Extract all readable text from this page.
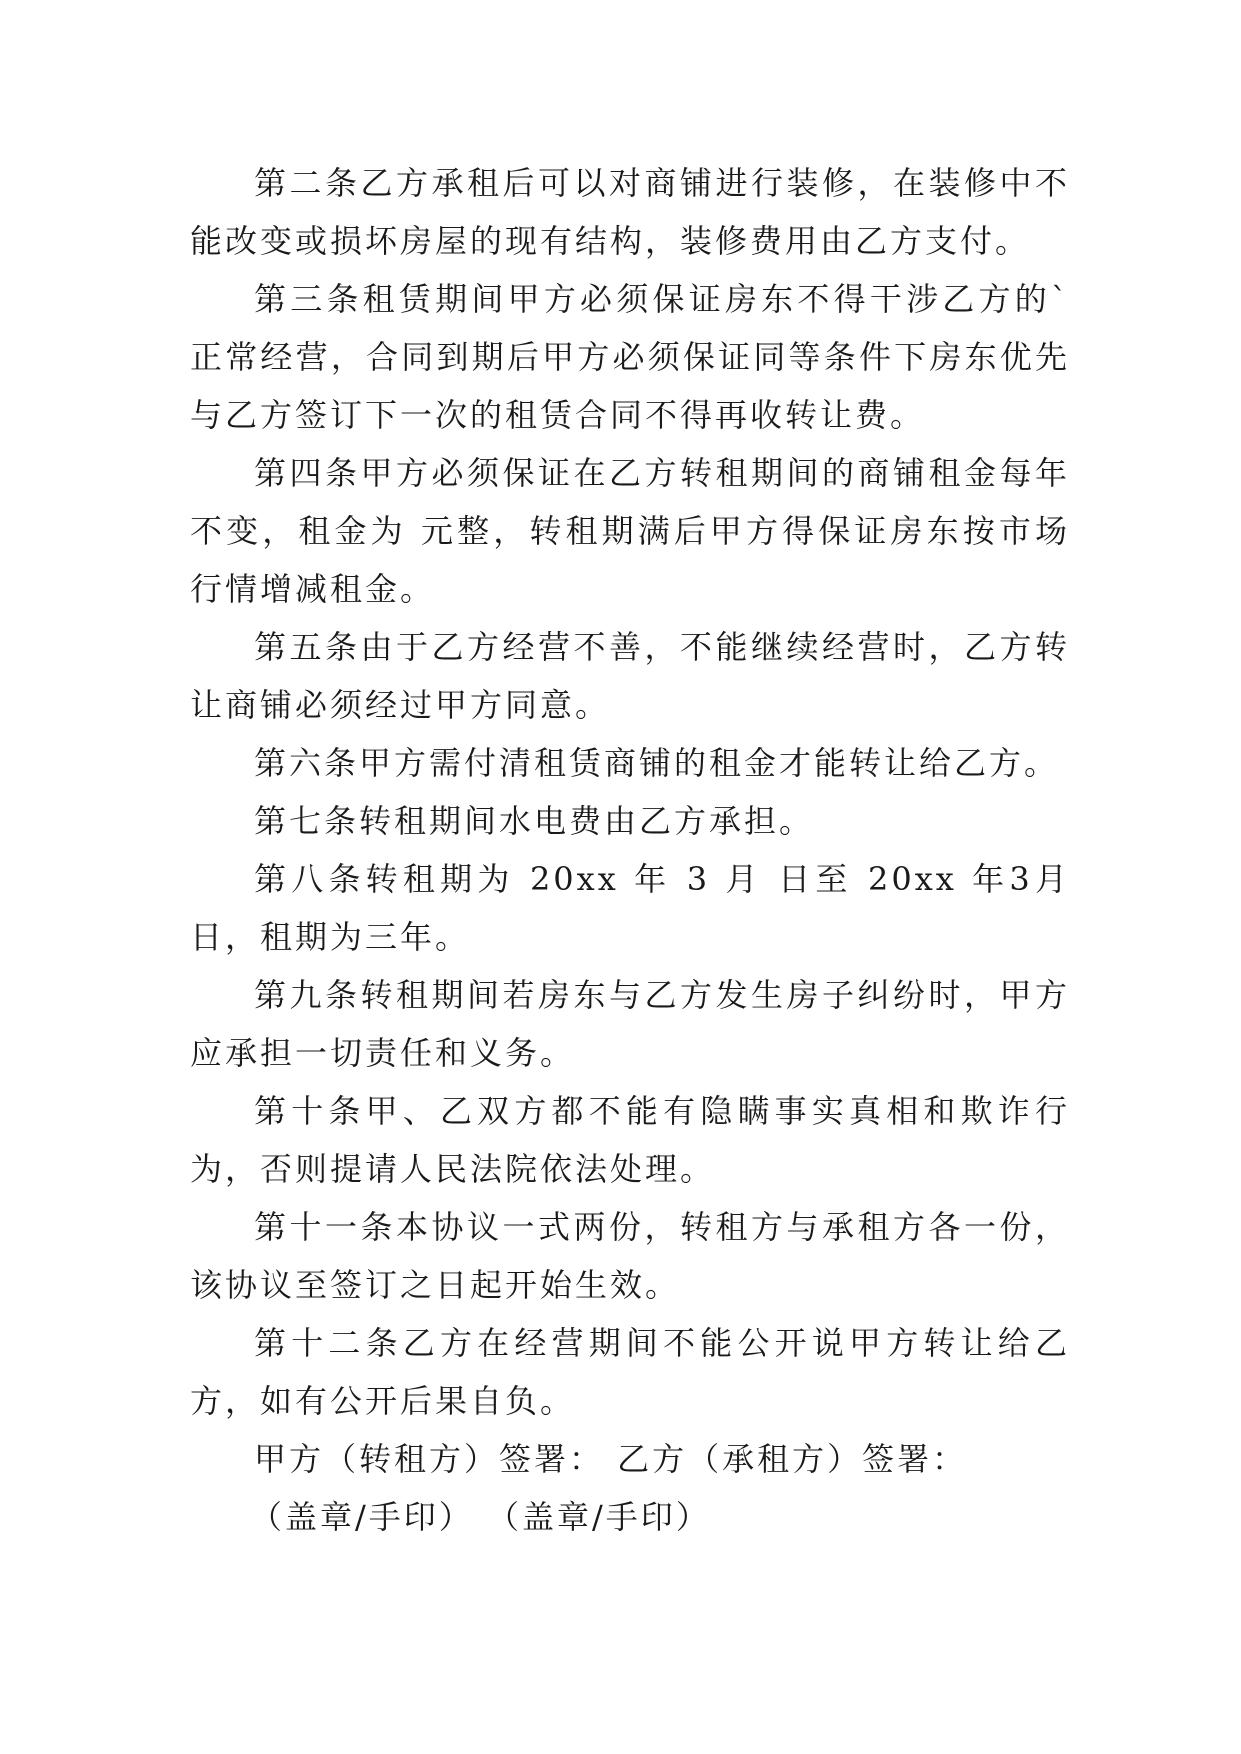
第二条乙方承租后可以对商铺进行装修，在装修中不能改变或损坏房屋的现有结构，装修费用由乙方支付。

第三条租赁期间甲方必须保证房东不得干涉乙方的`正常经营，合同到期后甲方必须保证同等条件下房东优先与乙方签订下一次的租赁合同不得再收转让费。

第四条甲方必须保证在乙方转租期间的商铺租金每年不变，租金为 元整，转租期满后甲方得保证房东按市场行情增减租金。

第五条由于乙方经营不善，不能继续经营时，乙方转让商铺必须经过甲方同意。

第六条甲方需付清租赁商铺的租金才能转让给乙方。

第七条转租期间水电费由乙方承担。

第八条转租期为 20xx 年 3 月 日至 20xx 年3月 日，租期为三年。

第九条转租期间若房东与乙方发生房子纠纷时，甲方应承担一切责任和义务。

第十条甲、乙双方都不能有隐瞒事实真相和欺诈行为，否则提请人民法院依法处理。

第十一条本协议一式两份，转租方与承租方各一份，该协议至签订之日起开始生效。

第十二条乙方在经营期间不能公开说甲方转让给乙方，如有公开后果自负。

甲方（转租方）签署： 乙方（承租方）签署：

（盖章/手印） （盖章/手印）
